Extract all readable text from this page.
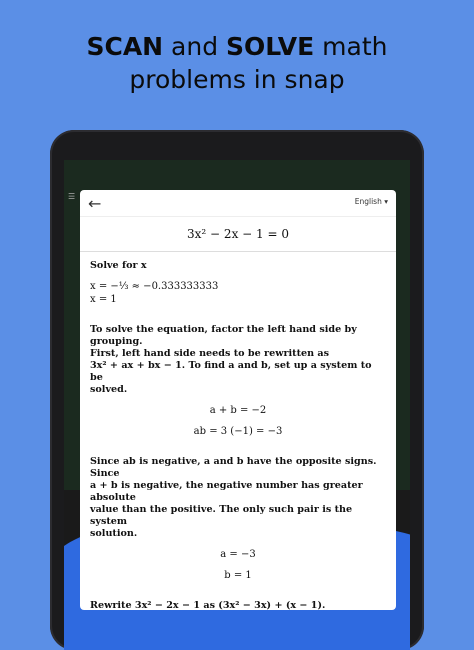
SCAN and SOLVE math
problems in snap
☰ ←	English ▾
3x² − 2x − 1 = 0
Solve for x
x = −⅓ ≈ −0.333333333
x = 1
To solve the equation, factor the left hand side by grouping.
First, left hand side needs to be rewritten as
3x² + ax + bx − 1. To find a and b, set up a system to be
solved.
a + b = −2
ab = 3 (−1) = −3
Since ab is negative, a and b have the opposite signs. Since
a + b is negative, the negative number has greater absolute
value than the positive. The only such pair is the system
solution.
a = −3
b = 1
Rewrite 3x² − 2x − 1 as (3x² − 3x) + (x − 1).
